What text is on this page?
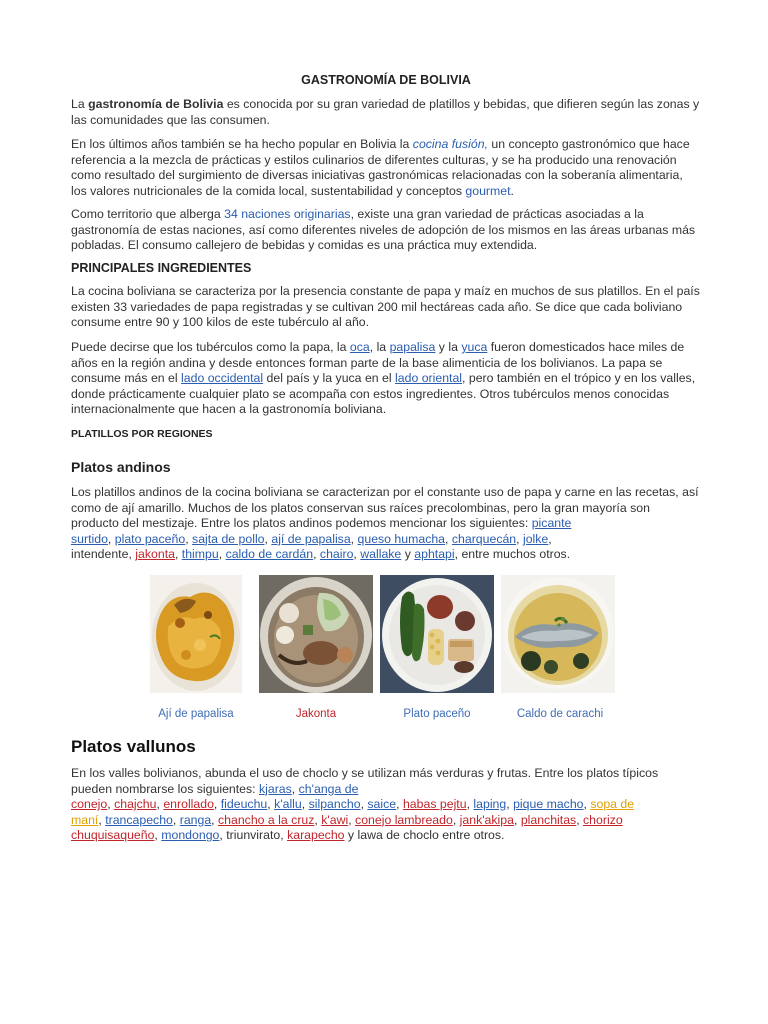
GASTRONOMÍA DE BOLIVIA
La gastronomía de Bolivia es conocida por su gran variedad de platillos y bebidas, que difieren según las zonas y las comunidades que las consumen.
En los últimos años también se ha hecho popular en Bolivia la cocina fusión, un concepto gastronómico que hace referencia a la mezcla de prácticas y estilos culinarios de diferentes culturas, y se ha producido una renovación como resultado del surgimiento de diversas iniciativas gastronómicas relacionadas con la soberanía alimentaria, los valores nutricionales de la comida local, sustentabilidad y conceptos gourmet.
Como territorio que alberga 34 naciones originarias, existe una gran variedad de prácticas asociadas a la gastronomía de estas naciones, así como diferentes niveles de adopción de los mismos en las áreas urbanas más pobladas. El consumo callejero de bebidas y comidas es una práctica muy extendida.
PRINCIPALES INGREDIENTES
La cocina boliviana se caracteriza por la presencia constante de papa y maíz en muchos de sus platillos. En el país existen 33 variedades de papa registradas y se cultivan 200 mil hectáreas cada año. Se dice que cada boliviano consume entre 90 y 100 kilos de este tubérculo al año.
Puede decirse que los tubérculos como la papa, la oca, la papalisa y la yuca fueron domesticados hace miles de años en la región andina y desde entonces forman parte de la base alimenticia de los bolivianos. La papa se consume más en el lado occidental del país y la yuca en el lado oriental, pero también en el trópico y en los valles, donde prácticamente cualquier plato se acompaña con estos ingredientes. Otros tubérculos menos conocidas internacionalmente que hacen a la gastronomía boliviana.
PLATILLOS POR REGIONES
Platos andinos
Los platillos andinos de la cocina boliviana se caracterizan por el constante uso de papa y carne en las recetas, así como de ají amarillo. Muchos de los platos conservan sus raíces precolombinas, pero la gran mayoría son producto del mestizaje. Entre los platos andinos podemos mencionar los siguientes: picante
surtido, plato paceño, sajta de pollo, ají de papalisa, queso humacha, charquecán, jolke,
intendente, jakonta, thimpu, caldo de cardán, chairo, wallake y aphtapi, entre muchos otros.
Ají de papalisa	Jakonta	Plato paceño	Caldo de carachi
Platos vallunos
En los valles bolivianos, abunda el uso de choclo y se utilizan más verduras y frutas. Entre los platos típicos pueden nombrarse los siguientes: kjaras, ch'anga de
conejo, chajchu, enrollado, fideuchu, k'allu, silpancho, saice, habas pejtu, laping, pique macho, sopa de
maní, trancapecho, ranga, chancho a la cruz, k'awi, conejo lambreado, jank'akipa, planchitas, chorizo
chuquisaqueño, mondongo, triunvirato, karapecho y lawa de choclo entre otros.
